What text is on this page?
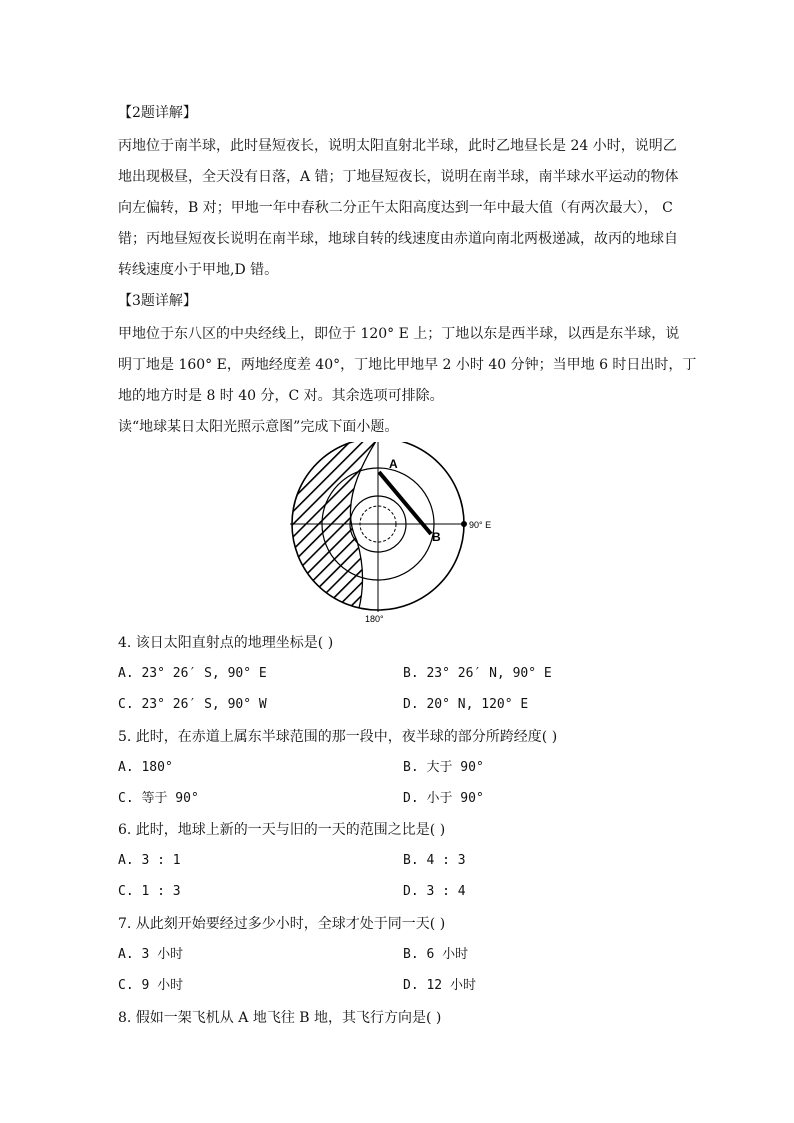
【2题详解】
丙地位于南半球，此时昼短夜长，说明太阳直射北半球，此时乙地昼长是 24 小时，说明乙
地出现极昼，全天没有日落，A 错；丁地昼短夜长，说明在南半球，南半球水平运动的物体
向左偏转，B 对；甲地一年中春秋二分正午太阳高度达到一年中最大值（有两次最大）， C
错；丙地昼短夜长说明在南半球，地球自转的线速度由赤道向南北两极递减，故丙的地球自
转线速度小于甲地,D 错。
【3题详解】
甲地位于东八区的中央经线上，即位于 120° E 上；丁地以东是西半球，以西是东半球，说
明丁地是 160° E，两地经度差 40°，丁地比甲地早 2 小时 40 分钟；当甲地 6 时日出时，丁
地的地方时是 8 时 40 分，C 对。其余选项可排除。
读“地球某日太阳光照示意图”完成下面小题。
A
B
90° E
180°
4. 该日太阳直射点的地理坐标是( )
A. 23° 26′ S, 90° E	B. 23° 26′ N, 90° E
C. 23° 26′ S, 90° W	D. 20° N, 120° E
5. 此时，在赤道上属东半球范围的那一段中，夜半球的部分所跨经度( )
A. 180°	B. 大于 90°
C. 等于 90°	D. 小于 90°
6. 此时，地球上新的一天与旧的一天的范围之比是( )
A. 3 : 1	B. 4 : 3
C. 1 : 3	D. 3 : 4
7. 从此刻开始要经过多少小时，全球才处于同一天( )
A. 3 小时	B. 6 小时
C. 9 小时	D. 12 小时
8. 假如一架飞机从 A 地飞往 B 地，其飞行方向是( )
